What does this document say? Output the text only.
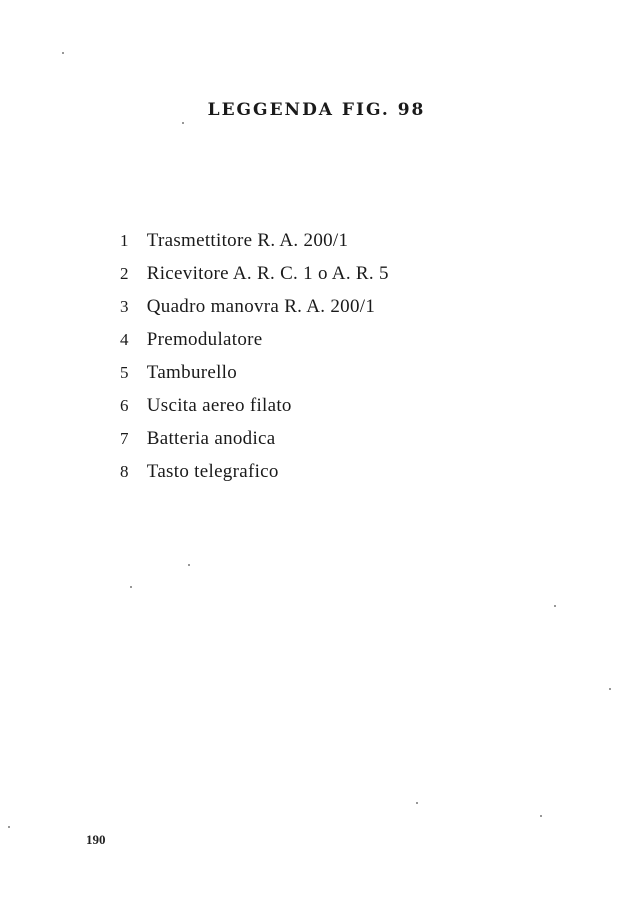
LEGGENDA FIG. 98
1 Trasmettitore R. A. 200/1
2 Ricevitore A. R. C. 1 o A. R. 5
3 Quadro manovra R. A. 200/1
4 Premodulatore
5 Tamburello
6 Uscita aereo filato
7 Batteria anodica
8 Tasto telegrafico
190
